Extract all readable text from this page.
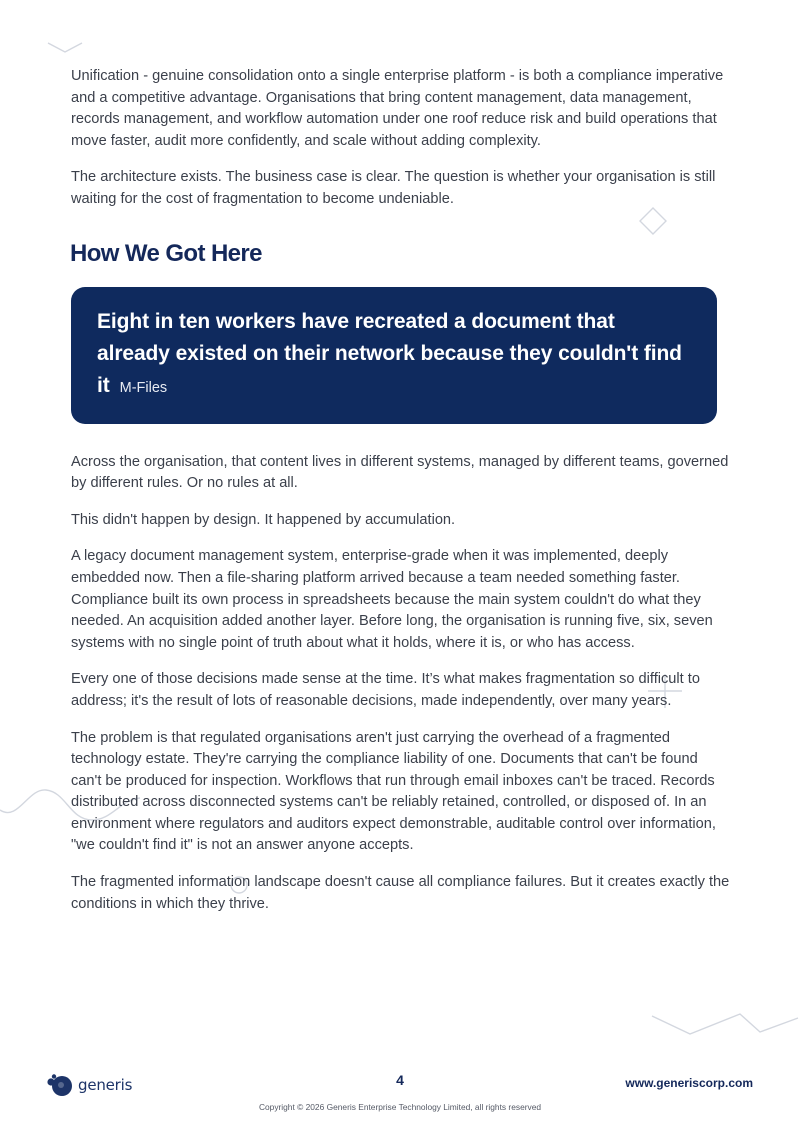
Unification - genuine consolidation onto a single enterprise platform - is both a compliance imperative and a competitive advantage. Organisations that bring content management, data management, records management, and workflow automation under one roof reduce risk and build operations that move faster, audit more confidently, and scale without adding complexity.

The architecture exists. The business case is clear. The question is whether your organisation is still waiting for the cost of fragmentation to become undeniable.

How We Got Here
Eight in ten workers have recreated a document that already existed on their network because they couldn't find it M-Files

Across the organisation, that content lives in different systems, managed by different teams, governed by different rules. Or no rules at all.

This didn't happen by design. It happened by accumulation.

A legacy document management system, enterprise-grade when it was implemented, deeply embedded now. Then a file-sharing platform arrived because a team needed something faster. Compliance built its own process in spreadsheets because the main system couldn't do what they needed. An acquisition added another layer. Before long, the organisation is running five, six, seven systems with no single point of truth about what it holds, where it is, or who has access.

Every one of those decisions made sense at the time. It’s what makes fragmentation so difficult to address; it's the result of lots of reasonable decisions, made independently, over many years.

The problem is that regulated organisations aren't just carrying the overhead of a fragmented technology estate. They're carrying the compliance liability of one. Documents that can't be found can't be produced for inspection. Workflows that run through email inboxes can't be traced. Records distributed across disconnected systems can't be reliably retained, controlled, or disposed of. In an environment where regulators and auditors expect demonstrable, auditable control over information, "we couldn't find it" is not an answer anyone accepts.

The fragmented information landscape doesn't cause all compliance failures. But it creates exactly the conditions in which they thrive.

generis	4	www.generiscorp.com
Copyright © 2026 Generis Enterprise Technology Limited, all rights reserved
